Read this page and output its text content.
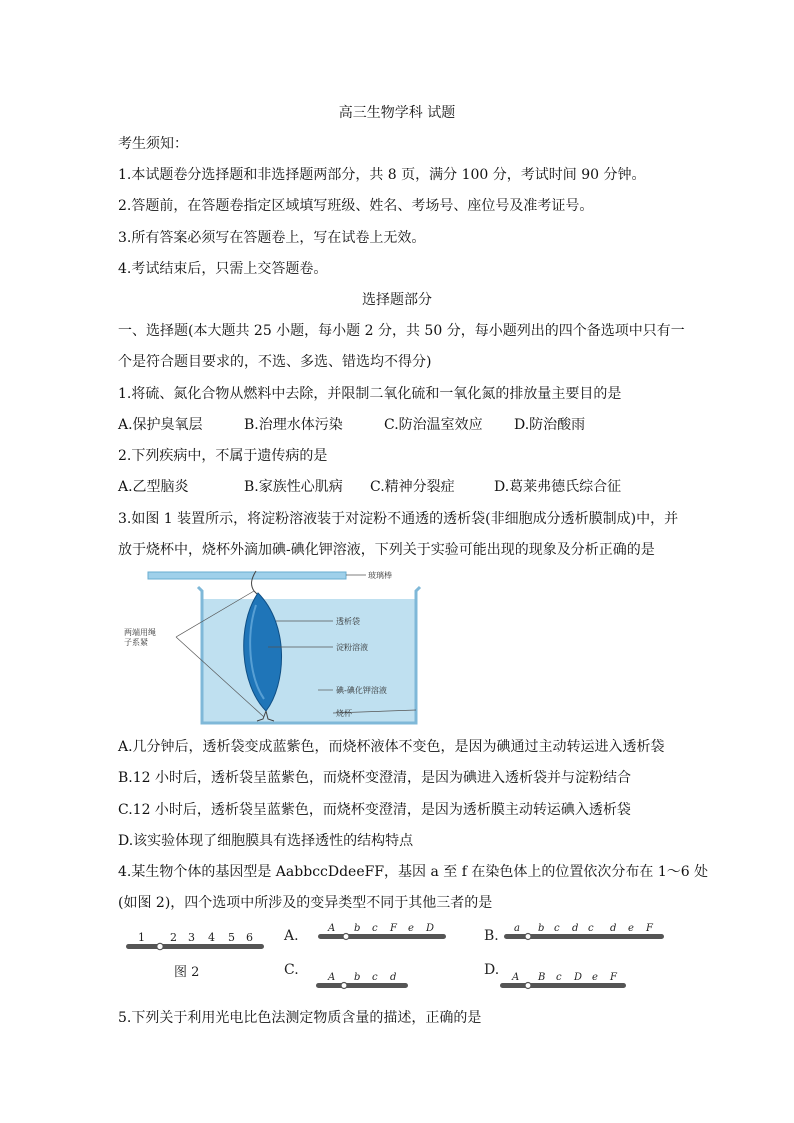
高三生物学科 试题
考生须知：
1.本试题卷分选择题和非选择题两部分，共 8 页，满分 100 分，考试时间 90 分钟。
2.答题前，在答题卷指定区域填写班级、姓名、考场号、座位号及准考证号。
3.所有答案必须写在答题卷上，写在试卷上无效。
4.考试结束后，只需上交答题卷。
选择题部分
一、选择题(本大题共 25 小题，每小题 2 分，共 50 分，每小题列出的四个备选项中只有一
个是符合题目要求的，不选、多选、错选均不得分)
1.将硫、氮化合物从燃料中去除，并限制二氧化硫和一氧化氮的排放量主要目的是
A.保护臭氧层	B.治理水体污染	C.防治温室效应 D.防治酸雨
2.下列疾病中，不属于遗传病的是
A.乙型脑炎	B.家族性心肌病 C.精神分裂症	D.葛莱弗德氏综合征
3.如图 1 装置所示，将淀粉溶液装于对淀粉不通透的透析袋(非细胞成分透析膜制成)中，并
放于烧杯中，烧杯外滴加碘-碘化钾溶液，下列关于实验可能出现的现象及分析正确的是
玻璃棒
透析袋
淀粉溶液
碘-碘化钾溶液
烧杯
两端用绳
子系紧
A.几分钟后，透析袋变成蓝紫色，而烧杯液体不变色，是因为碘通过主动转运进入透析袋
B.12 小时后，透析袋呈蓝紫色，而烧杯变澄清，是因为碘进入透析袋并与淀粉结合
C.12 小时后，透析袋呈蓝紫色，而烧杯变澄清，是因为透析膜主动转运碘入透析袋
D.该实验体现了细胞膜具有选择透性的结构特点
4.某生物个体的基因型是 AabbccDdeeFF，基因 a 至 f 在染色体上的位置依次分布在 1～6 处
(如图 2)，四个选项中所涉及的变异类型不同于其他三者的是
1 2 3 4 5 6
图 2
A.	A b c F e D	B. a b c d c d e F
C.	A b c d	D. A B c D e F
5.下列关于利用光电比色法测定物质含量的描述，正确的是
